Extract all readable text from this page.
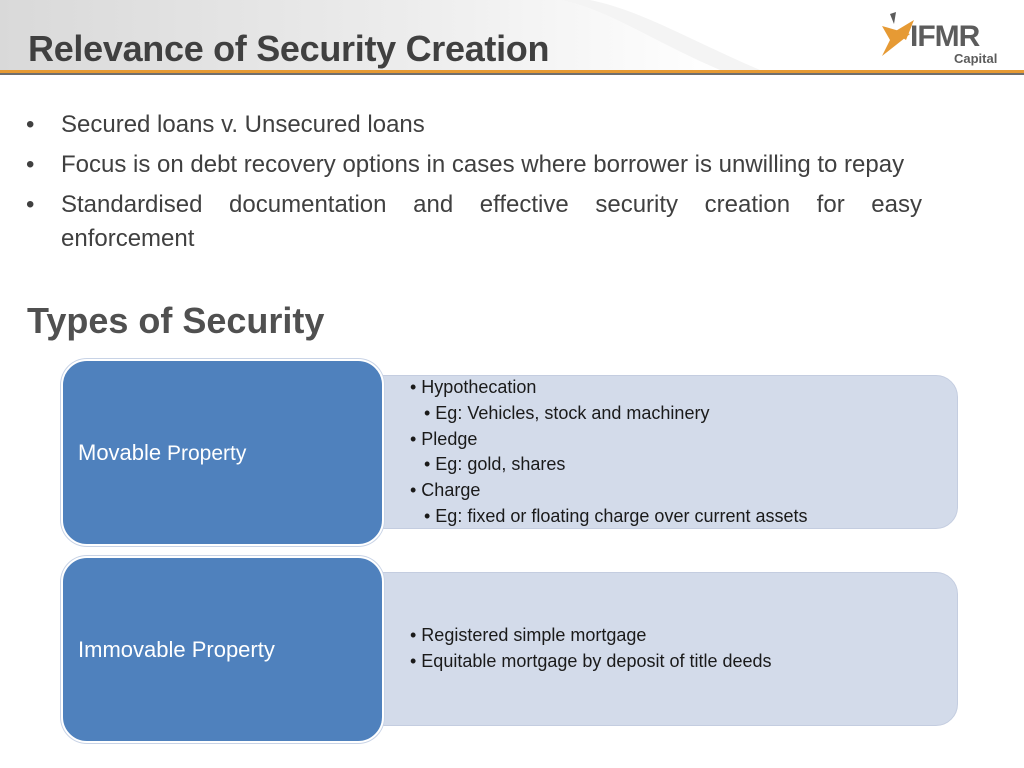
Relevance of Security Creation	IFMR
Capital
• Secured loans v. Unsecured loans
• Focus is on debt recovery options in cases where borrower is unwilling to repay
• Standardised documentation and effective security creation for easy enforcement
Types of Security
• Hypothecation
• Eg: Vehicles, stock and machinery
• Pledge
• Eg: gold, shares
• Charge
• Eg: fixed or floating charge over current assets
Movable Property
• Registered simple mortgage
• Equitable mortgage by deposit of title deeds
Immovable Property
